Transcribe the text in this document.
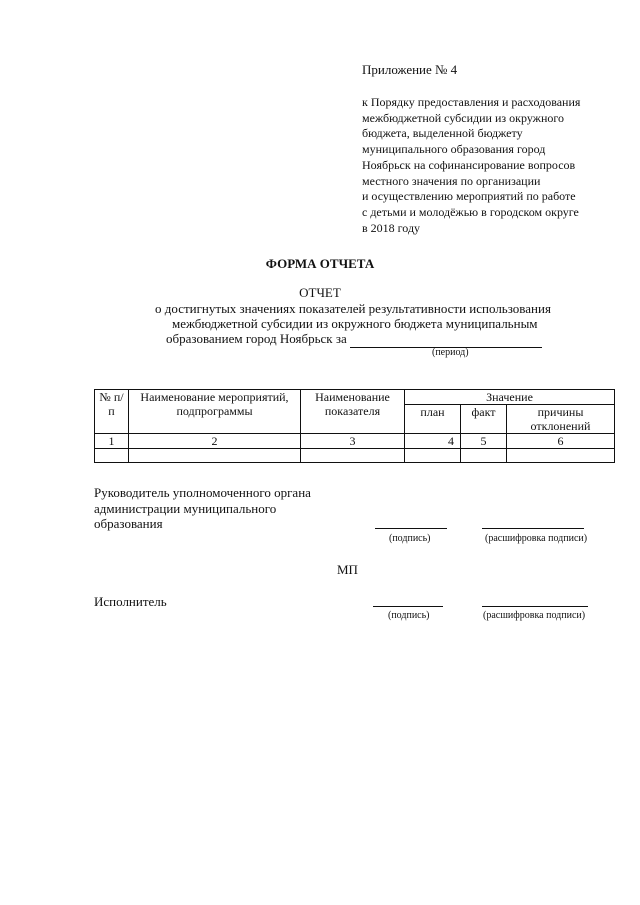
Приложение № 4
к Порядку предоставления и расходования
межбюджетной субсидии из окружного
бюджета, выделенной бюджету
муниципального образования город
Ноябрьск на софинансирование вопросов
местного значения по организации
и осуществлению мероприятий по работе
с детьми и молодёжью в городском округе
в 2018 году
ФОРМА ОТЧЕТА
ОТЧЕТ
о достигнутых значениях показателей результативности использования
межбюджетной субсидии из окружного бюджета муниципальным
образованием город Ноябрьск за
(период)
№ п/п	Наименование мероприятий, подпрограммы	Наименование показателя	Значение		
			план	факт	причины отклонений
1	2	3	4	5	6

Руководитель уполномоченного органа
администрации муниципального
образования
(подпись)	(расшифровка подписи)
МП
Исполнитель
(подпись)	(расшифровка подписи)
